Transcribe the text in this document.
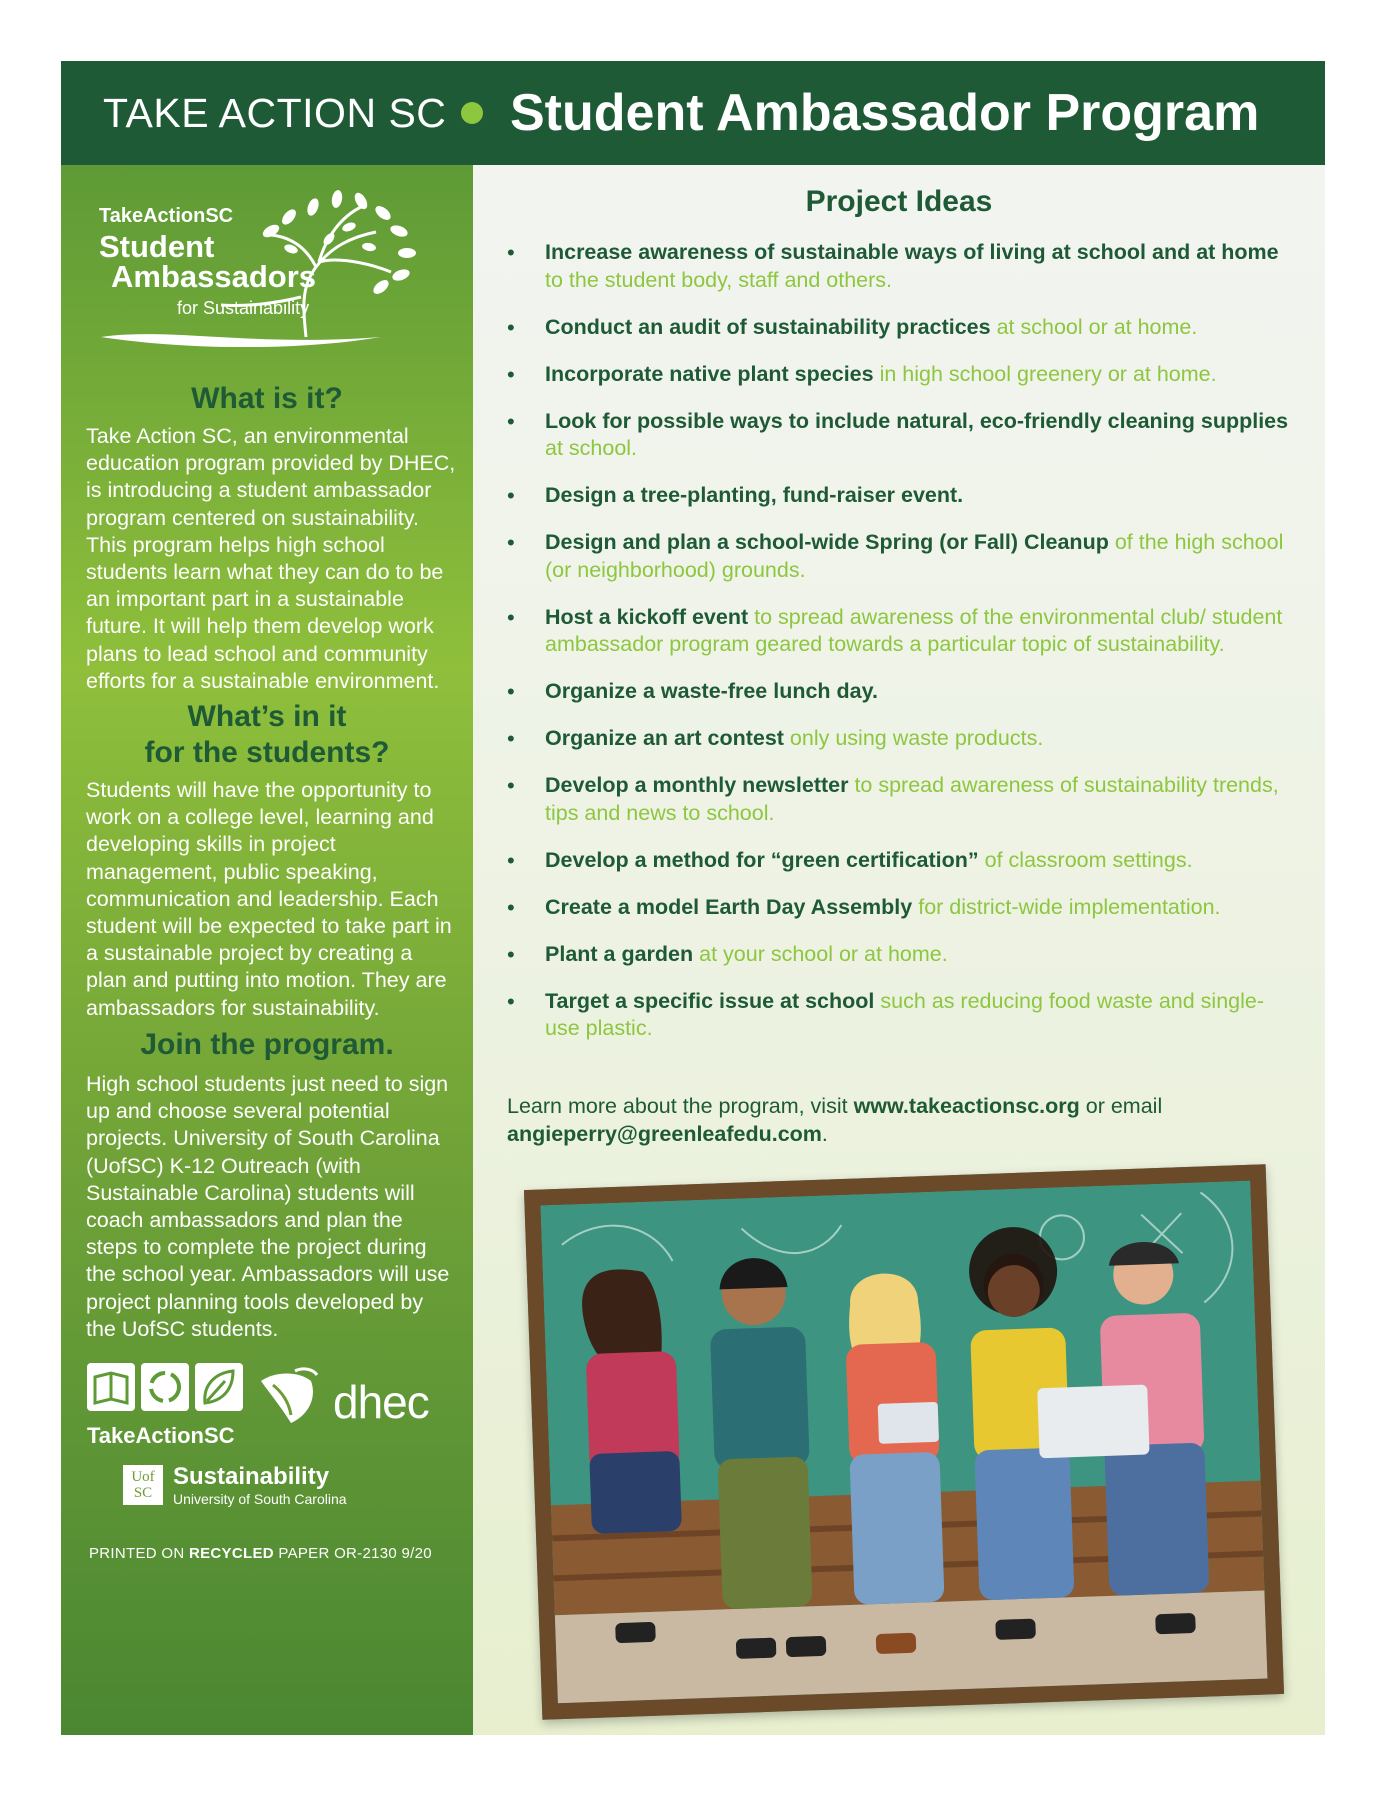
TAKE ACTION SC Student Ambassador Program
TakeActionSC
Student
Ambassadors
for Sustainability
What is it?
Take Action SC, an environmental education program provided by DHEC, is introducing a student ambassador program centered on sustainability. This program helps high school students learn what they can do to be an important part in a sustainable future. It will help them develop work plans to lead school and community efforts for a sustainable environment.
What’s in it
for the students?
Students will have the opportunity to work on a college level, learning and developing skills in project management, public speaking, communication and leadership. Each student will be expected to take part in a sustainable project by creating a plan and putting into motion. They are ambassadors for sustainability.
Join the program.
High school students just need to sign up and choose several potential projects. University of South Carolina (UofSC) K-12 Outreach (with Sustainable Carolina) students will coach ambassadors and plan the steps to complete the project during the school year. Ambassadors will use project planning tools developed by the UofSC students.
TakeActionSC
dhec
Uof SC
Sustainability
University of South Carolina
PRINTED ON RECYCLED PAPER OR-2130 9/20
Project Ideas
• Increase awareness of sustainable ways of living at school and at home to the student body, staff and others.
• Conduct an audit of sustainability practices at school or at home.
• Incorporate native plant species in high school greenery or at home.
• Look for possible ways to include natural, eco-friendly cleaning supplies at school.
• Design a tree-planting, fund-raiser event.
• Design and plan a school-wide Spring (or Fall) Cleanup of the high school (or neighborhood) grounds.
• Host a kickoff event to spread awareness of the environmental club/ student ambassador program geared towards a particular topic of sustainability.
• Organize a waste-free lunch day.
• Organize an art contest only using waste products.
• Develop a monthly newsletter to spread awareness of sustainability trends, tips and news to school.
• Develop a method for “green certification” of classroom settings.
• Create a model Earth Day Assembly for district-wide implementation.
• Plant a garden at your school or at home.
• Target a specific issue at school such as reducing food waste and single-use plastic.
Learn more about the program, visit www.takeactionsc.org or email
angieperry@greenleafedu.com.
